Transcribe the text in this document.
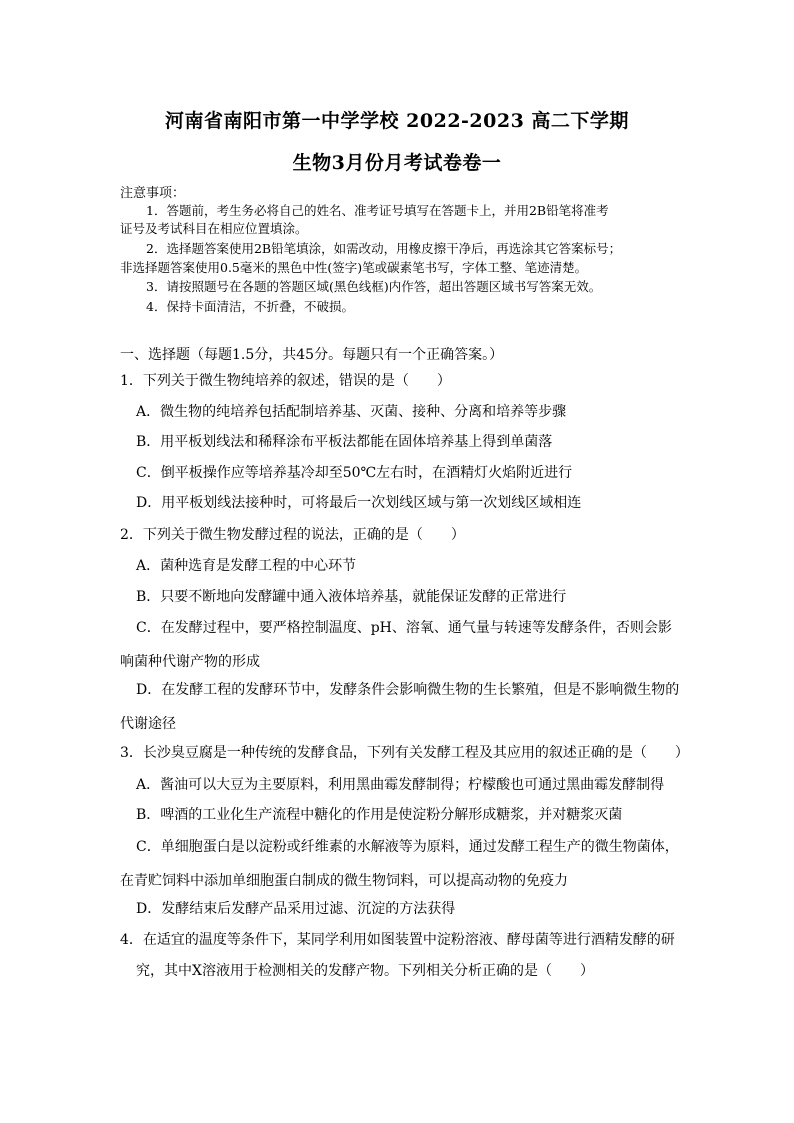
河南省南阳市第一中学学校 2022-2023 高二下学期
生物3月份月考试卷卷一
注意事项：
1．答题前，考生务必将自己的姓名、准考证号填写在答题卡上，并用2B铅笔将准考
证号及考试科目在相应位置填涂。
2．选择题答案使用2B铅笔填涂，如需改动，用橡皮擦干净后，再选涂其它答案标号；
非选择题答案使用0.5毫米的黑色中性(签字)笔或碳素笔书写，字体工整、笔迹清楚。
3．请按照题号在各题的答题区域(黑色线框)内作答，超出答题区域书写答案无效。
4．保持卡面清洁，不折叠，不破损。
一、选择题（每题1.5分，共45分。每题只有一个正确答案。）
1．下列关于微生物纯培养的叙述，错误的是（　　）
A．微生物的纯培养包括配制培养基、灭菌、接种、分离和培养等步骤
B．用平板划线法和稀释涂布平板法都能在固体培养基上得到单菌落
C．倒平板操作应等培养基冷却至50℃左右时，在酒精灯火焰附近进行
D．用平板划线法接种时，可将最后一次划线区域与第一次划线区域相连
2．下列关于微生物发酵过程的说法，正确的是（　　）
A．菌种选育是发酵工程的中心环节
B．只要不断地向发酵罐中通入液体培养基，就能保证发酵的正常进行
C．在发酵过程中，要严格控制温度、pH、溶氧、通气量与转速等发酵条件，否则会影
响菌种代谢产物的形成
D．在发酵工程的发酵环节中，发酵条件会影响微生物的生长繁殖，但是不影响微生物的
代谢途径
3．长沙臭豆腐是一种传统的发酵食品，下列有关发酵工程及其应用的叙述正确的是（　　）
A．酱油可以大豆为主要原料，利用黑曲霉发酵制得；柠檬酸也可通过黑曲霉发酵制得
B．啤酒的工业化生产流程中糖化的作用是使淀粉分解形成糖浆，并对糖浆灭菌
C．单细胞蛋白是以淀粉或纤维素的水解液等为原料，通过发酵工程生产的微生物菌体，
在青贮饲料中添加单细胞蛋白制成的微生物饲料，可以提高动物的免疫力
D．发酵结束后发酵产品采用过滤、沉淀的方法获得
4．在适宜的温度等条件下，某同学利用如图装置中淀粉溶液、酵母菌等进行酒精发酵的研
究，其中X溶液用于检测相关的发酵产物。下列相关分析正确的是（　　）
